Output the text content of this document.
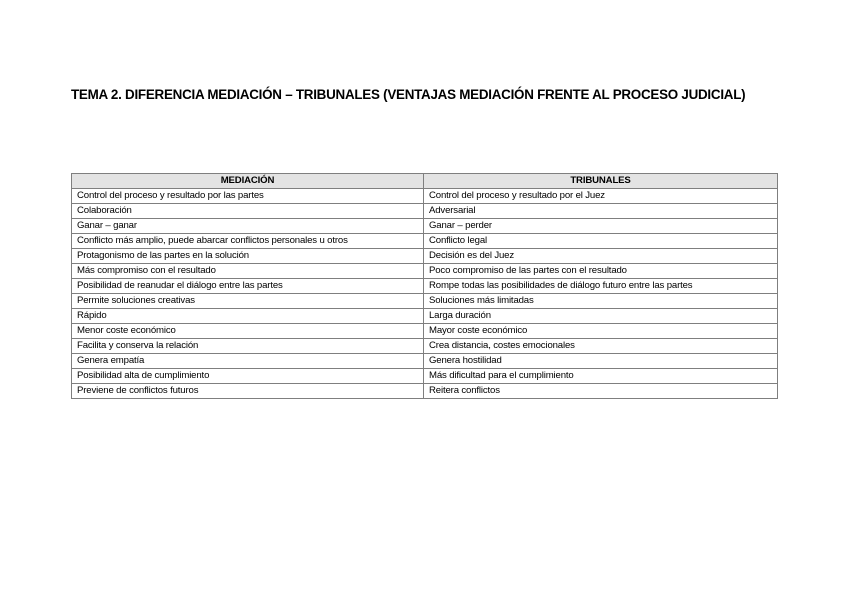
TEMA 2. DIFERENCIA MEDIACIÓN – TRIBUNALES (VENTAJAS MEDIACIÓN FRENTE AL PROCESO JUDICIAL)
MEDIACIÓN	TRIBUNALES
Control del proceso y resultado por las partes	Control del proceso y resultado por el Juez
Colaboración	Adversarial
Ganar – ganar	Ganar – perder
Conflicto más amplio, puede abarcar conflictos personales u otros	Conflicto legal
Protagonismo de las partes en la solución	Decisión es del Juez
Más compromiso con el resultado	Poco compromiso de las partes con el resultado
Posibilidad de reanudar el diálogo entre las partes	Rompe todas las posibilidades de diálogo futuro entre las partes
Permite soluciones creativas	Soluciones más limitadas
Rápido	Larga duración
Menor coste económico	Mayor coste económico
Facilita y conserva la relación	Crea distancia, costes emocionales
Genera empatía	Genera hostilidad
Posibilidad alta de cumplimiento	Más dificultad para el cumplimiento
Previene de conflictos futuros	Reitera conflictos
